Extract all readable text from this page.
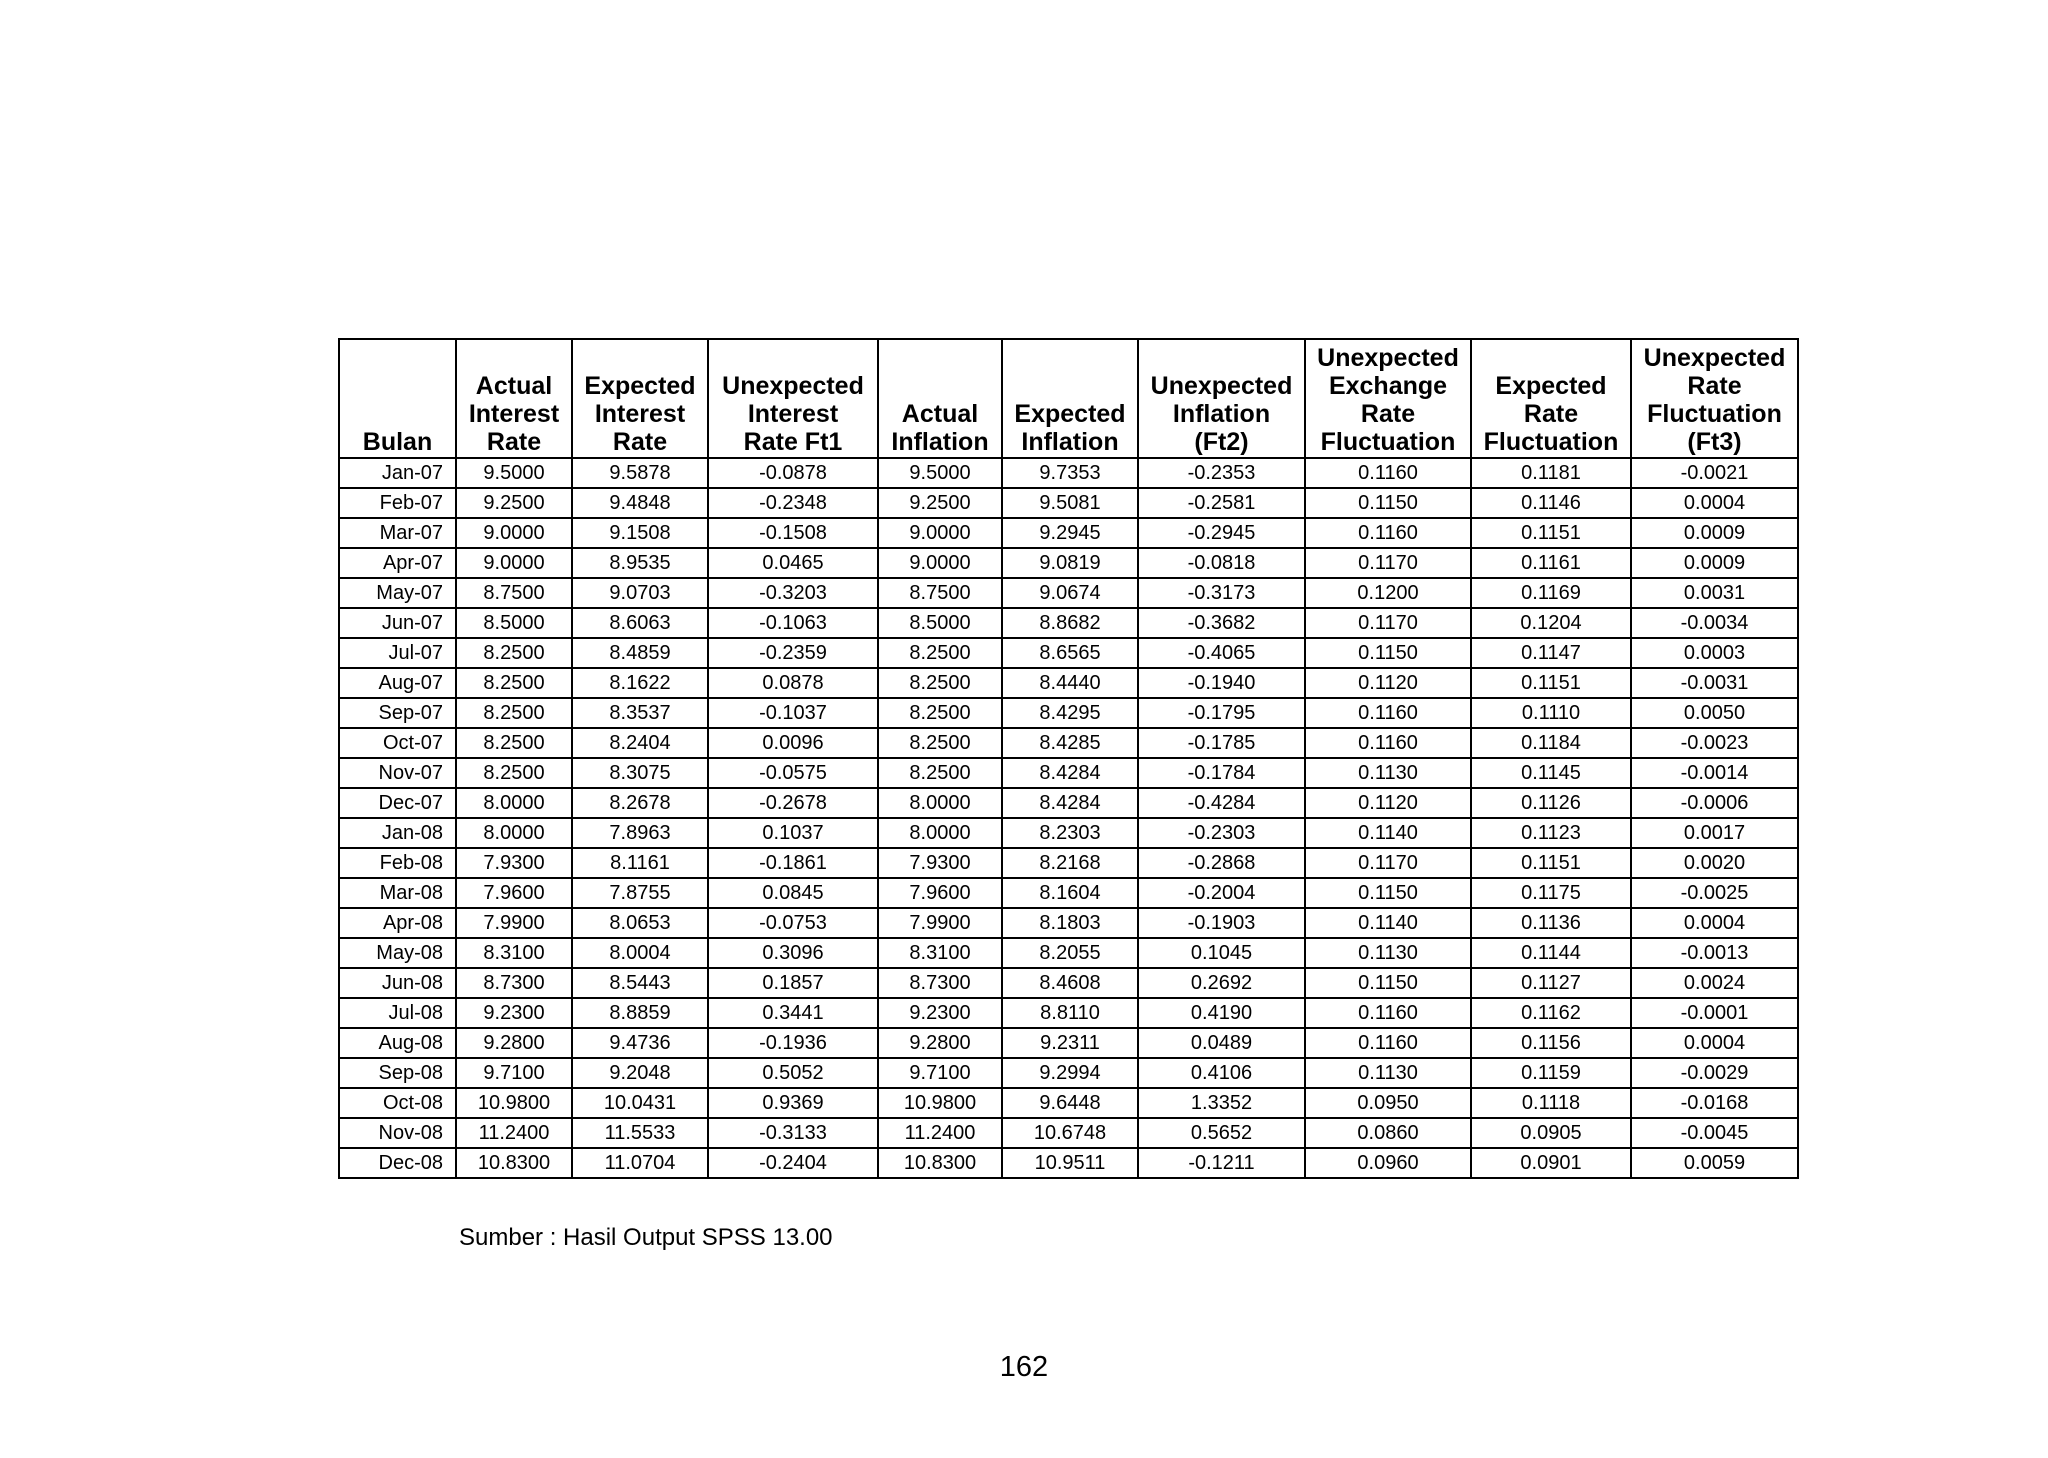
Bulan	Actual
Interest
Rate	Expected
Interest
Rate	Unexpected
Interest
Rate Ft1	Actual
Inflation	Expected
Inflation	Unexpected
Inflation
(Ft2)	Unexpected
Exchange
Rate
Fluctuation	Expected
Rate
Fluctuation	Unexpected
Rate
Fluctuation
(Ft3)

Jan-07	9.5000	9.5878	-0.0878	9.5000	9.7353	-0.2353	0.1160	0.1181	-0.0021
Feb-07	9.2500	9.4848	-0.2348	9.2500	9.5081	-0.2581	0.1150	0.1146	0.0004
Mar-07	9.0000	9.1508	-0.1508	9.0000	9.2945	-0.2945	0.1160	0.1151	0.0009
Apr-07	9.0000	8.9535	0.0465	9.0000	9.0819	-0.0818	0.1170	0.1161	0.0009
May-07	8.7500	9.0703	-0.3203	8.7500	9.0674	-0.3173	0.1200	0.1169	0.0031
Jun-07	8.5000	8.6063	-0.1063	8.5000	8.8682	-0.3682	0.1170	0.1204	-0.0034
Jul-07	8.2500	8.4859	-0.2359	8.2500	8.6565	-0.4065	0.1150	0.1147	0.0003
Aug-07	8.2500	8.1622	0.0878	8.2500	8.4440	-0.1940	0.1120	0.1151	-0.0031
Sep-07	8.2500	8.3537	-0.1037	8.2500	8.4295	-0.1795	0.1160	0.1110	0.0050
Oct-07	8.2500	8.2404	0.0096	8.2500	8.4285	-0.1785	0.1160	0.1184	-0.0023
Nov-07	8.2500	8.3075	-0.0575	8.2500	8.4284	-0.1784	0.1130	0.1145	-0.0014
Dec-07	8.0000	8.2678	-0.2678	8.0000	8.4284	-0.4284	0.1120	0.1126	-0.0006
Jan-08	8.0000	7.8963	0.1037	8.0000	8.2303	-0.2303	0.1140	0.1123	0.0017
Feb-08	7.9300	8.1161	-0.1861	7.9300	8.2168	-0.2868	0.1170	0.1151	0.0020
Mar-08	7.9600	7.8755	0.0845	7.9600	8.1604	-0.2004	0.1150	0.1175	-0.0025
Apr-08	7.9900	8.0653	-0.0753	7.9900	8.1803	-0.1903	0.1140	0.1136	0.0004
May-08	8.3100	8.0004	0.3096	8.3100	8.2055	0.1045	0.1130	0.1144	-0.0013
Jun-08	8.7300	8.5443	0.1857	8.7300	8.4608	0.2692	0.1150	0.1127	0.0024
Jul-08	9.2300	8.8859	0.3441	9.2300	8.8110	0.4190	0.1160	0.1162	-0.0001
Aug-08	9.2800	9.4736	-0.1936	9.2800	9.2311	0.0489	0.1160	0.1156	0.0004
Sep-08	9.7100	9.2048	0.5052	9.7100	9.2994	0.4106	0.1130	0.1159	-0.0029
Oct-08	10.9800	10.0431	0.9369	10.9800	9.6448	1.3352	0.0950	0.1118	-0.0168
Nov-08	11.2400	11.5533	-0.3133	11.2400	10.6748	0.5652	0.0860	0.0905	-0.0045
Dec-08	10.8300	11.0704	-0.2404	10.8300	10.9511	-0.1211	0.0960	0.0901	0.0059
Sumber : Hasil Output SPSS 13.00
162
